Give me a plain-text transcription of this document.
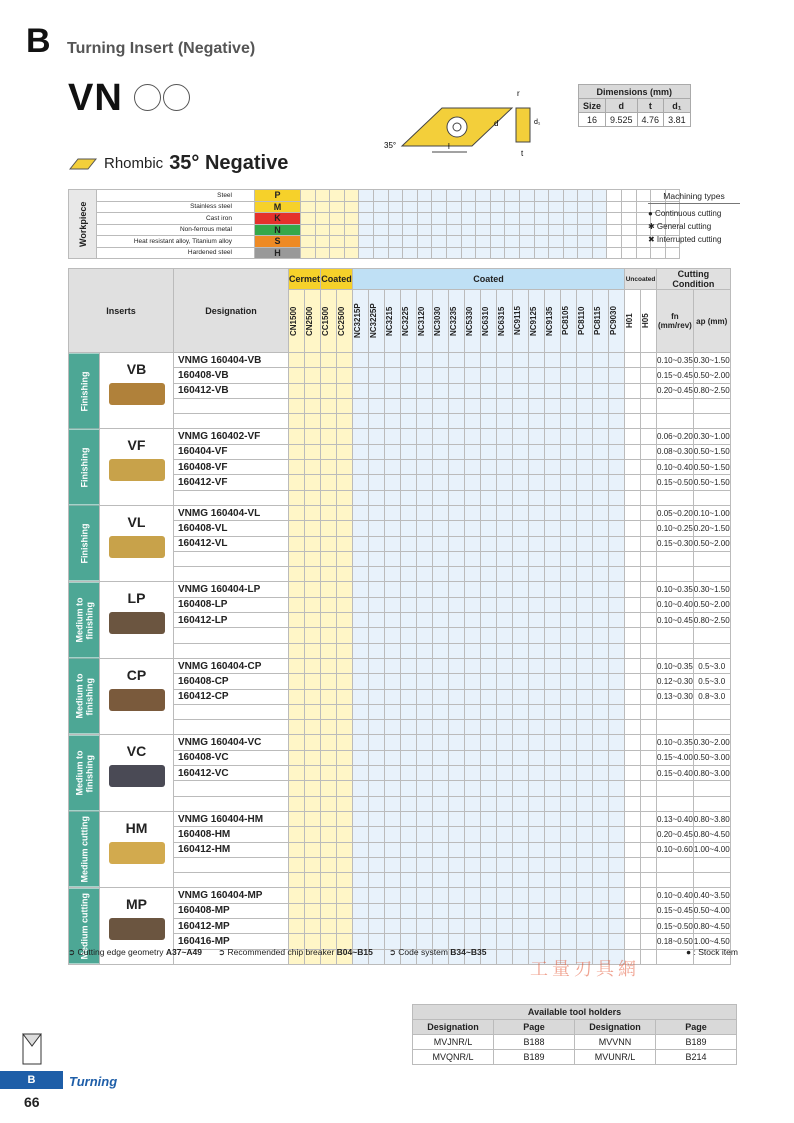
B Turning Insert (Negative)
VN
Rhombic 35° Negative
l
d
r
d₁
t
35°
Dimensions (mm)			
Size	d	t	d₁
16	9.525	4.76	3.81
Workpiece	Steel	P																										
	Stainless steel	M																										
	Cast iron	K																										
	Non-ferrous metal	N																										
	Heat resistant alloy, Titanium alloy	S																										
	Hardened steel	H																										
Machining types
● Continuous cutting
✱ General cutting
✖ Interrupted cutting
Inserts		Designation	Cermet		Coated		Coated																	Uncoated		Cutting Condition	

			CN1500	CN2500	CC1500	CC2500	NC3215P	NC3225P	NC3215	NC3225	NC3120	NC3030	NC3235	NC5330	NC6310	NC6315	NC9115	NC9125	NC9135	PC8105	PC8110	PC8115	PC9030	H01	H05	fn (mm/rev)	ap (mm)
Finishing	VB	VNMG 160404-VB																								0.10~0.35	0.30~1.50
		160408-VB																								0.15~0.45	0.50~2.00
		160412-VB																								0.20~0.45	0.80~2.50

Finishing	VF	VNMG 160402-VF																								0.06~0.20	0.30~1.00
		160404-VF																								0.08~0.30	0.50~1.50
		160408-VF																								0.10~0.40	0.50~1.50
		160412-VF																								0.15~0.50	0.50~1.50

Finishing	VL	VNMG 160404-VL																								0.05~0.20	0.10~1.00
		160408-VL																								0.10~0.25	0.20~1.50
		160412-VL																								0.15~0.30	0.50~2.00

Medium to finishing	LP	VNMG 160404-LP																								0.10~0.35	0.30~1.50
		160408-LP																								0.10~0.40	0.50~2.00
		160412-LP																								0.10~0.45	0.80~2.50

Medium to finishing	CP	VNMG 160404-CP																								0.10~0.35	0.5~3.0
		160408-CP																								0.12~0.30	0.5~3.0
		160412-CP																								0.13~0.30	0.8~3.0

Medium to finishing	VC	VNMG 160404-VC																								0.10~0.35	0.30~2.00
		160408-VC																								0.15~4.00	0.50~3.00
		160412-VC																								0.15~0.40	0.80~3.00

Medium cutting	HM	VNMG 160404-HM																								0.13~0.40	0.80~3.80
		160408-HM																								0.20~0.45	0.80~4.50
		160412-HM																								0.10~0.60	1.00~4.00

Medium cutting	MP	VNMG 160404-MP																								0.10~0.40	0.40~3.50
		160408-MP																								0.15~0.45	0.50~4.00
		160412-MP																								0.15~0.50	0.80~4.50
		160416-MP																								0.18~0.50	1.00~4.50

➲ Cutting edge geometry A37~A49 ➲ Recommended chip breaker B04~B15 ➲ Code system B34~B35	● : Stock item
工量刃具網
Available tool holders			
Designation	Page	Designation	Page
MVJNR/L	B188	MVVNN	B189
MVQNR/L	B189	MVUNR/L	B214
B	Turning
66
